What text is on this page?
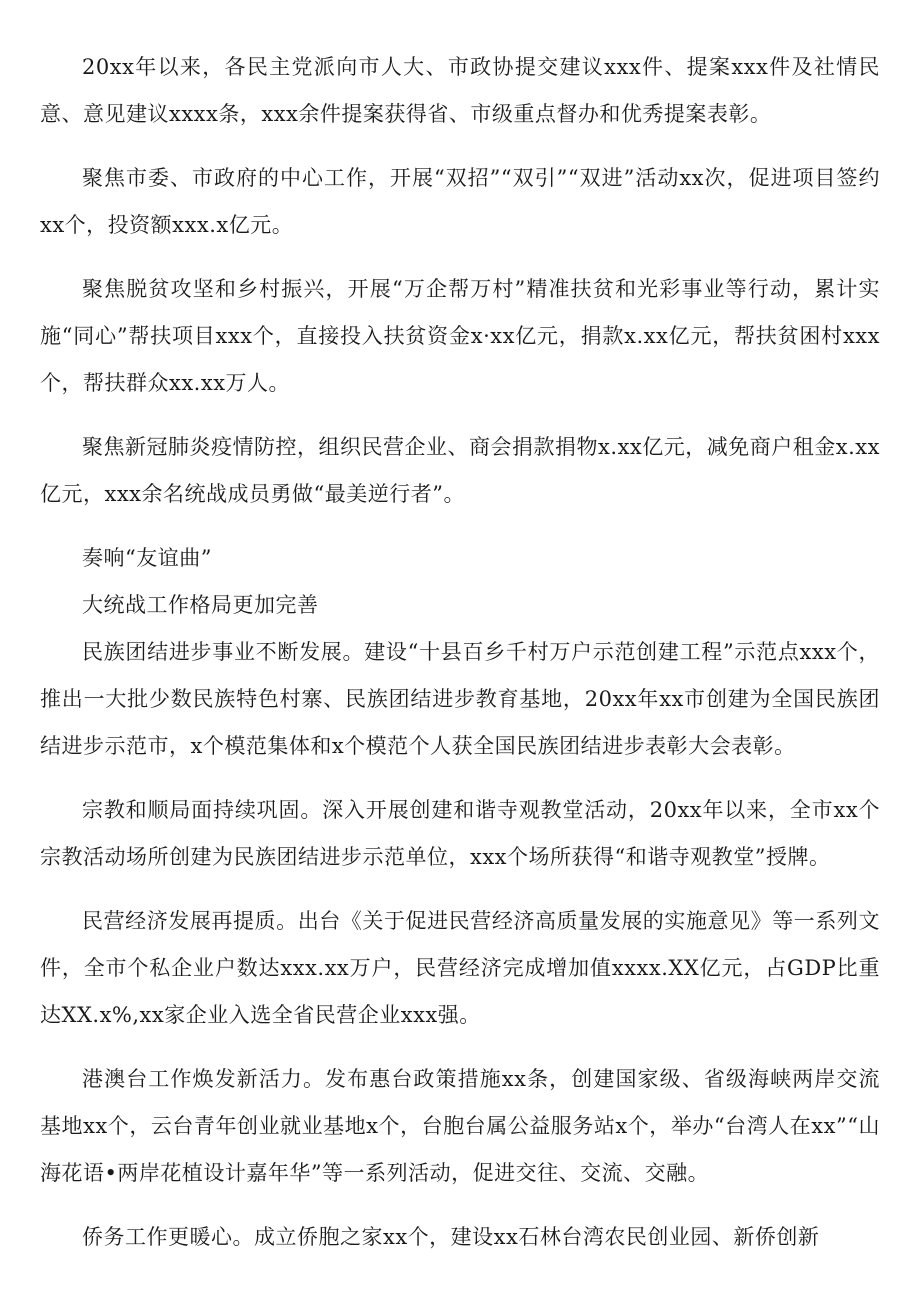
20xx年以来，各民主党派向市人大、市政协提交建议xxx件、提案xxx件及社情民意、意见建议xxxx条，xxx余件提案获得省、市级重点督办和优秀提案表彰。

聚焦市委、市政府的中心工作，开展“双招”“双引”“双进”活动xx次，促进项目签约xx个，投资额xxx.x亿元。

聚焦脱贫攻坚和乡村振兴，开展“万企帮万村”精准扶贫和光彩事业等行动，累计实施“同心”帮扶项目xxx个，直接投入扶贫资金x·xx亿元，捐款x.xx亿元，帮扶贫困村xxx个，帮扶群众xx.xx万人。

聚焦新冠肺炎疫情防控，组织民营企业、商会捐款捐物x.xx亿元，减免商户租金x.xx亿元，xxx余名统战成员勇做“最美逆行者”。

奏响“友谊曲”

大统战工作格局更加完善

民族团结进步事业不断发展。建设“十县百乡千村万户示范创建工程”示范点xxx个，推出一大批少数民族特色村寨、民族团结进步教育基地，20xx年xx市创建为全国民族团结进步示范市，x个模范集体和x个模范个人获全国民族团结进步表彰大会表彰。

宗教和顺局面持续巩固。深入开展创建和谐寺观教堂活动，20xx年以来，全市xx个宗教活动场所创建为民族团结进步示范单位，xxx个场所获得“和谐寺观教堂”授牌。

民营经济发展再提质。出台《关于促进民营经济高质量发展的实施意见》等一系列文件，全市个私企业户数达xxx.xx万户，民营经济完成增加值xxxx.XX亿元，占GDP比重达XX.x%,xx家企业入选全省民营企业xxx强。

港澳台工作焕发新活力。发布惠台政策措施xx条，创建国家级、省级海峡两岸交流基地xx个，云台青年创业就业基地x个，台胞台属公益服务站x个，举办“台湾人在xx”“山海花语•两岸花植设计嘉年华”等一系列活动，促进交往、交流、交融。

侨务工作更暖心。成立侨胞之家xx个，建设xx石林台湾农民创业园、新侨创新
